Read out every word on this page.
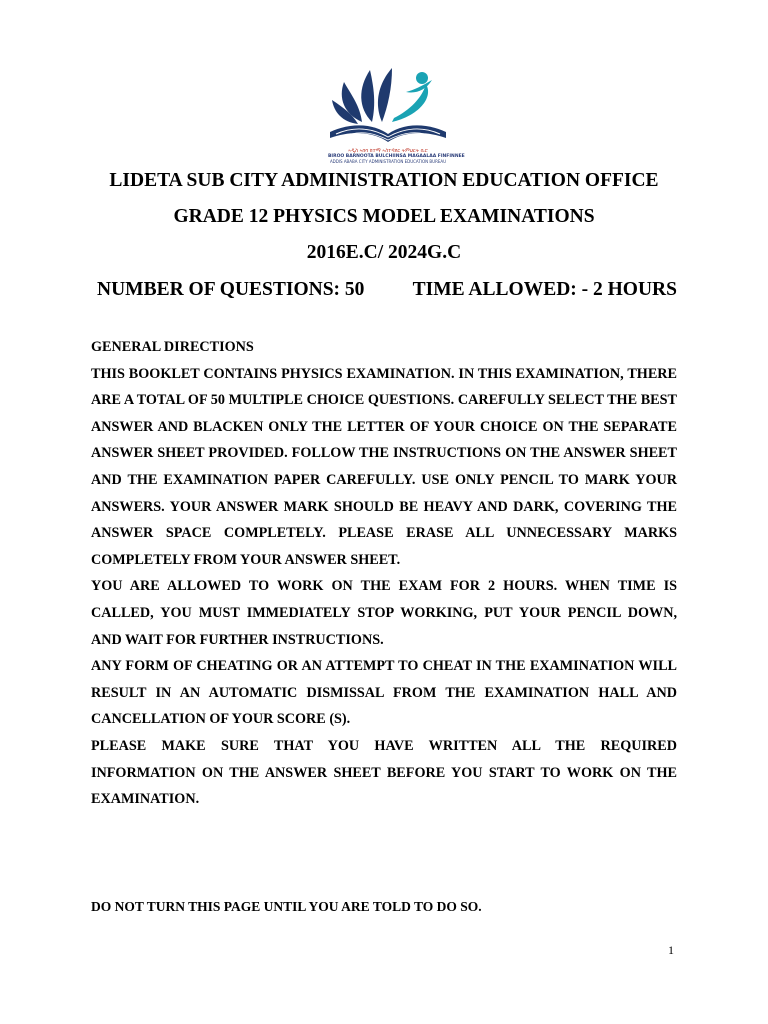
ኣዲስ ኣበባ ከተማ ኣስተዳደር ትምህርት ቢሮ
BIROO BARNOOTA BULCHIINSA MAGAALAA FINFINNEE
ADDIS ABABA CITY ADMINISTRATION EDUCATION BUREAU
LIDETA SUB CITY ADMINISTRATION EDUCATION OFFICE
GRADE 12 PHYSICS MODEL EXAMINATIONS
2016E.C/ 2024G.C
NUMBER OF QUESTIONS: 50 TIME ALLOWED: - 2 HOURS
GENERAL DIRECTIONS

THIS BOOKLET CONTAINS PHYSICS EXAMINATION. IN THIS EXAMINATION, THERE ARE A TOTAL OF 50 MULTIPLE CHOICE QUESTIONS. CAREFULLY SELECT THE BEST ANSWER AND BLACKEN ONLY THE LETTER OF YOUR CHOICE ON THE SEPARATE ANSWER SHEET PROVIDED. FOLLOW THE INSTRUCTIONS ON THE ANSWER SHEET AND THE EXAMINATION PAPER CAREFULLY. USE ONLY PENCIL TO MARK YOUR ANSWERS. YOUR ANSWER MARK SHOULD BE HEAVY AND DARK, COVERING THE ANSWER SPACE COMPLETELY. PLEASE ERASE ALL UNNECESSARY MARKS COMPLETELY FROM YOUR ANSWER SHEET.

YOU ARE ALLOWED TO WORK ON THE EXAM FOR 2 HOURS. WHEN TIME IS CALLED, YOU MUST IMMEDIATELY STOP WORKING, PUT YOUR PENCIL DOWN, AND WAIT FOR FURTHER INSTRUCTIONS.

ANY FORM OF CHEATING OR AN ATTEMPT TO CHEAT IN THE EXAMINATION WILL RESULT IN AN AUTOMATIC DISMISSAL FROM THE EXAMINATION HALL AND CANCELLATION OF YOUR SCORE (S).

PLEASE MAKE SURE THAT YOU HAVE WRITTEN ALL THE REQUIRED INFORMATION ON THE ANSWER SHEET BEFORE YOU START TO WORK ON THE EXAMINATION.

DO NOT TURN THIS PAGE UNTIL YOU ARE TOLD TO DO SO.
1
